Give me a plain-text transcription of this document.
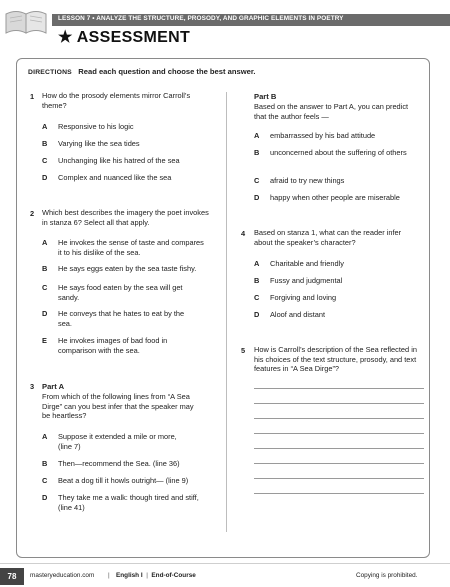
LESSON 7 • ANALYZE THE STRUCTURE, PROSODY, AND GRAPHIC ELEMENTS IN POETRY
★ ASSESSMENT
DIRECTIONS Read each question and choose the best answer.
1 How do the prosody elements mirror Carroll’s theme?
A Responsive to his logic
B Varying like the sea tides
C Unchanging like his hatred of the sea
D Complex and nuanced like the sea
2 Which best describes the imagery the poet invokes in stanza 6? Select all that apply.
A He invokes the sense of taste and compares it to his dislike of the sea.
B He says eggs eaten by the sea taste fishy.
C He says food eaten by the sea will get sandy.
D He conveys that he hates to eat by the sea.
E He invokes images of bad food in comparison with the sea.
3 Part A
From which of the following lines from “A Sea Dirge” can you best infer that the speaker may be heartless?
A Suppose it extended a mile or more, (line 7)
B Then—recommend the Sea. (line 36)
C Beat a dog till it howls outright— (line 9)
D They take me a walk: though tired and stiff, (line 41)
Part B
Based on the answer to Part A, you can predict that the author feels —
A embarrassed by his bad attitude
B unconcerned about the suffering of others
C afraid to try new things
D happy when other people are miserable
4 Based on stanza 1, what can the reader infer about the speaker’s character?
A Charitable and friendly
B Fussy and judgmental
C Forgiving and loving
D Aloof and distant
5 How is Carroll’s description of the Sea reflected in his choices of the text structure, prosody, and text features in “A Sea Dirge”?
78	masteryeducation.com | English I  |  End-of-Course	Copying is prohibited.
